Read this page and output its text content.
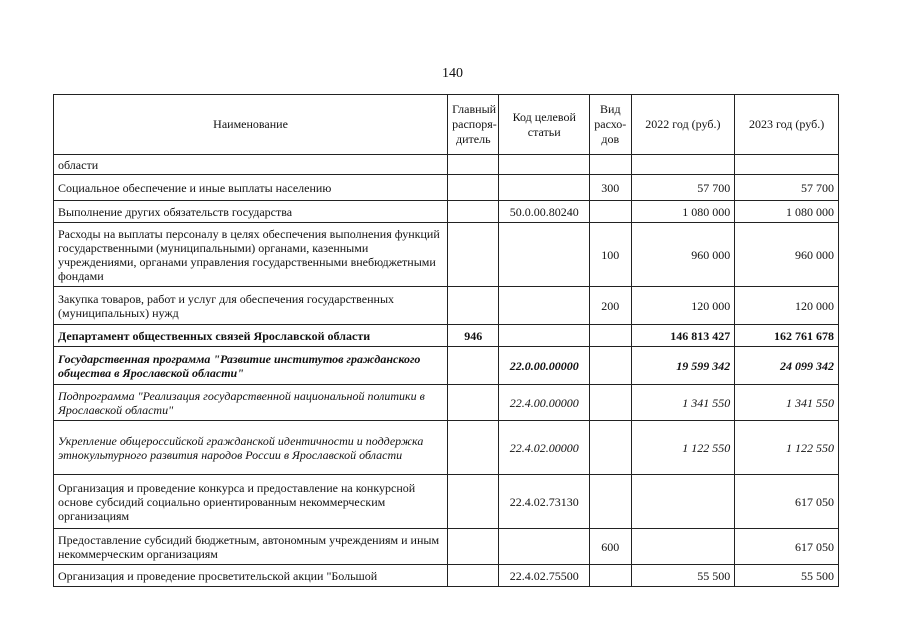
140
Наименование	Главный распоря-дитель	Код целевой статьи	Вид расхо-дов	2022 год (руб.)	2023 год (руб.)
области					
Социальное обеспечение и иные выплаты населению			300	57 700	57 700
Выполнение других обязательств государства		50.0.00.80240		1 080 000	1 080 000
Расходы на выплаты персоналу в целях обеспечения выполнения функций государственными (муниципальными) органами, казенными учреждениями, органами управления государственными внебюджетными фондами			100	960 000	960 000
Закупка товаров, работ и услуг для обеспечения государственных (муниципальных) нужд			200	120 000	120 000
Департамент общественных связей Ярославской области	946			146 813 427	162 761 678
Государственная программа "Развитие институтов гражданского общества в Ярославской области"		22.0.00.00000		19 599 342	24 099 342
Подпрограмма "Реализация государственной национальной политики в Ярославской области"		22.4.00.00000		1 341 550	1 341 550
Укрепление общероссийской гражданской идентичности и поддержка этнокультурного развития народов России в Ярославской области		22.4.02.00000		1 122 550	1 122 550
Организация и проведение конкурса и предоставление на конкурсной основе субсидий социально ориентированным некоммерческим организациям		22.4.02.73130			617 050
Предоставление субсидий бюджетным, автономным учреждениям и иным некоммерческим организациям			600		617 050
Организация и проведение просветительской акции "Большой		22.4.02.75500		55 500	55 500
